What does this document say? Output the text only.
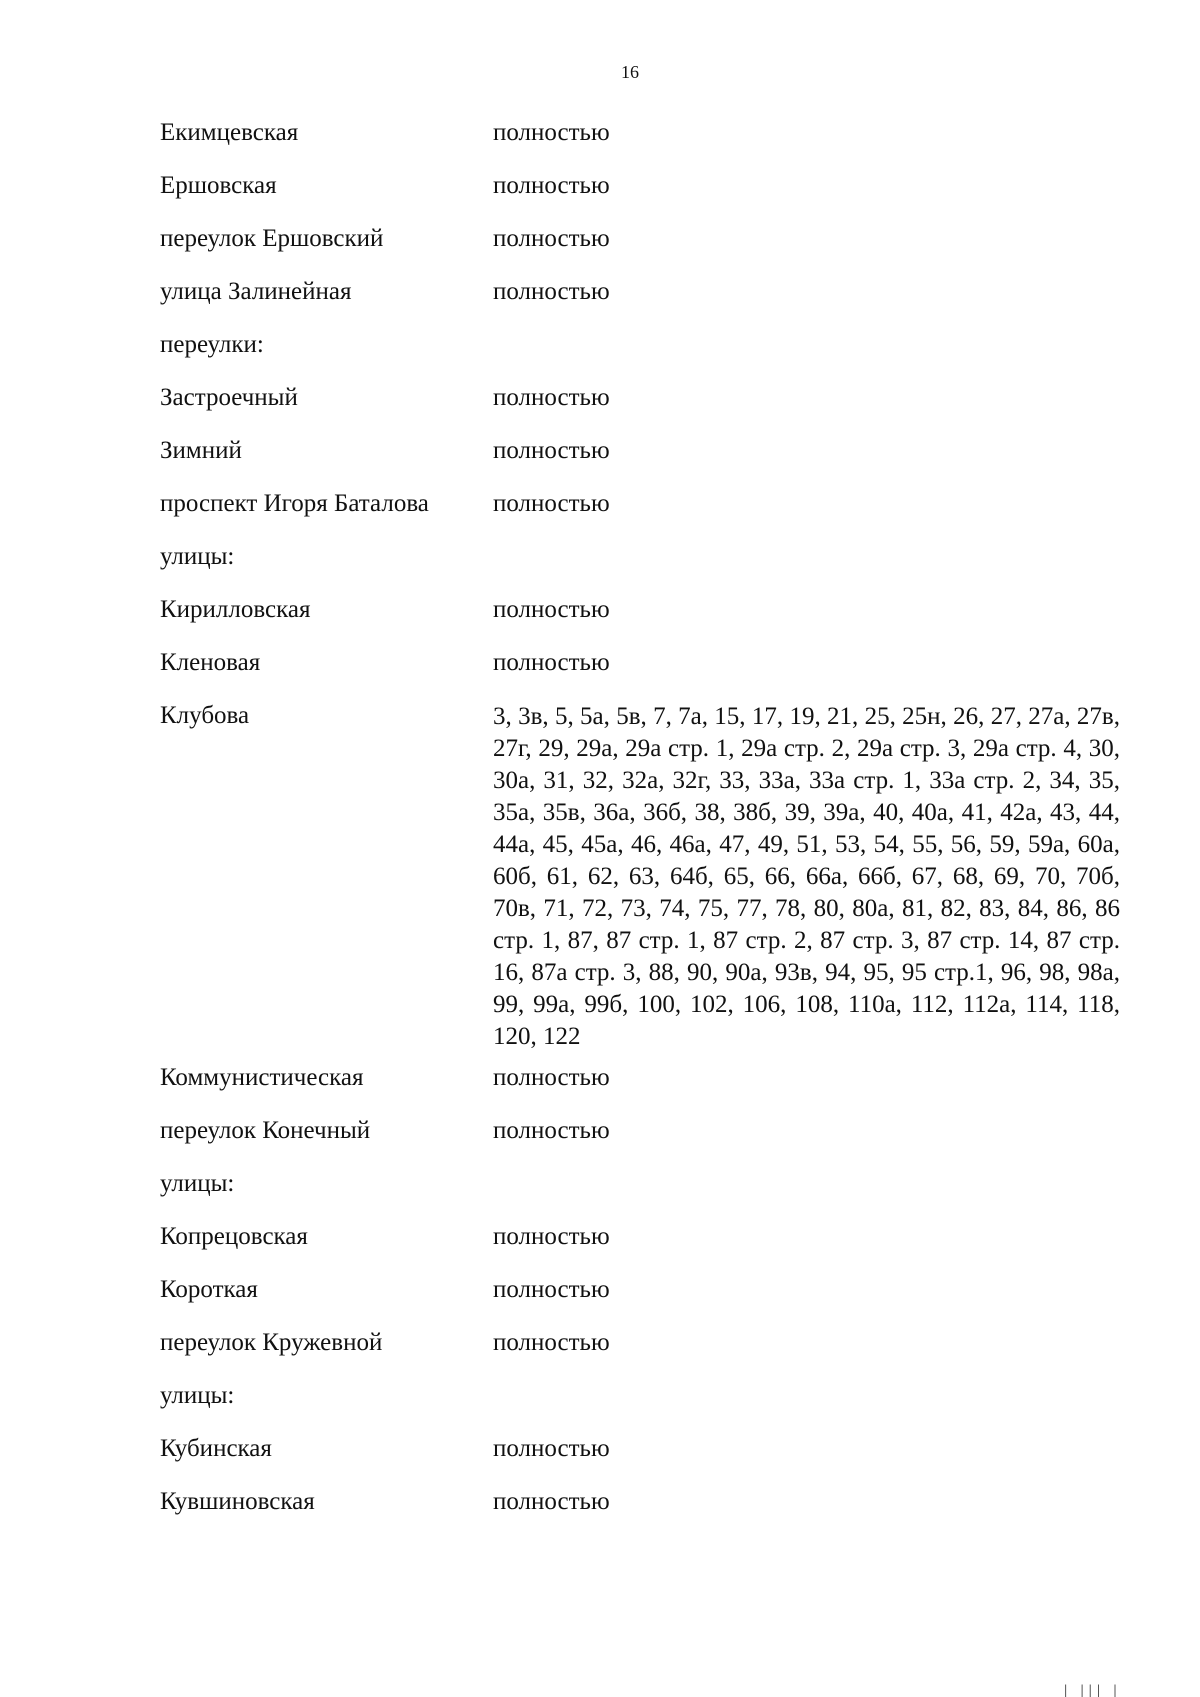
16
Екимцевская	полностью
Ершовская	полностью
переулок Ершовский	полностью
улица Залинейная	полностью
переулки:
Застроечный	полностью
Зимний	полностью
проспект Игоря Баталова	полностью
улицы:
Кирилловская	полностью
Кленовая	полностью
Клубова	3, 3в, 5, 5а, 5в, 7, 7а, 15, 17, 19, 21, 25, 25н, 26, 27, 27а, 27в, 27г, 29, 29а, 29а стр. 1, 29а стр. 2, 29а стр. 3, 29а стр. 4, 30, 30а, 31, 32, 32а, 32г, 33, 33а, 33а стр. 1, 33а стр. 2, 34, 35, 35а, 35в, 36а, 36б, 38, 38б, 39, 39а, 40, 40а, 41, 42а, 43, 44, 44а, 45, 45а, 46, 46а, 47, 49, 51, 53, 54, 55, 56, 59, 59а, 60а, 60б, 61, 62, 63, 64б, 65, 66, 66а, 66б, 67, 68, 69, 70, 70б, 70в, 71, 72, 73, 74, 75, 77, 78, 80, 80а, 81, 82, 83, 84, 86, 86 стр. 1, 87, 87 стр. 1, 87 стр. 2, 87 стр. 3, 87 стр. 14, 87 стр. 16, 87а стр. 3, 88, 90, 90а, 93в, 94, 95, 95 стр.1, 96, 98, 98а, 99, 99а, 99б, 100, 102, 106, 108, 110а, 112, 112а, 114, 118, 120, 122
Коммунистическая	полностью
переулок Конечный	полностью
улицы:
Копрецовская	полностью
Короткая	полностью
переулок Кружевной	полностью
улицы:
Кубинская	полностью
Кувшиновская	полностью
| ||| |
